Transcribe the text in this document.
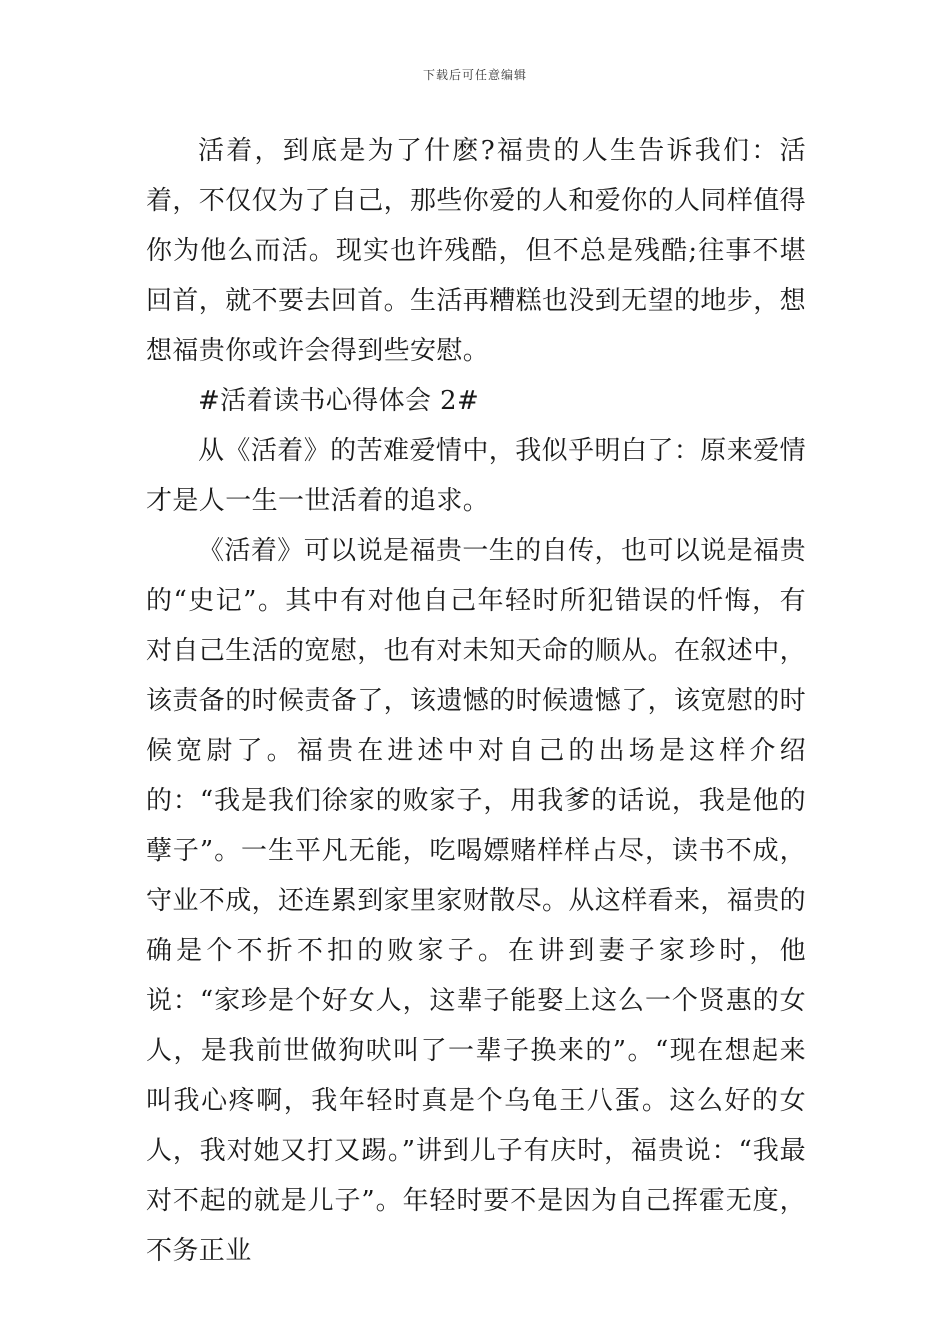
下载后可任意编辑

活着，到底是为了什麽?福贵的人生告诉我们：活着，不仅仅为了自己，那些你爱的人和爱你的人同样值得你为他么而活。现实也许残酷，但不总是残酷;往事不堪回首，就不要去回首。生活再糟糕也没到无望的地步，想想福贵你或许会得到些安慰。

#活着读书心得体会 2#

从《活着》的苦难爱情中，我似乎明白了：原来爱情才是人一生一世活着的追求。

《活着》可以说是福贵一生的自传，也可以说是福贵的“史记”。其中有对他自己年轻时所犯错误的忏悔，有对自己生活的宽慰，也有对未知天命的顺从。在叙述中，该责备的时候责备了，该遗憾的时候遗憾了，该宽慰的时候宽尉了。福贵在进述中对自己的出场是这样介绍的：“我是我们徐家的败家子，用我爹的话说，我是他的孽子”。一生平凡无能，吃喝嫖赌样样占尽，读书不成，守业不成，还连累到家里家财散尽。从这样看来，福贵的确是个不折不扣的败家子。在讲到妻子家珍时，他说：“家珍是个好女人，这辈子能娶上这么一个贤惠的女人，是我前世做狗吠叫了一辈子换来的”。“现在想起来叫我心疼啊，我年轻时真是个乌龟王八蛋。这么好的女人，我对她又打又踢。”讲到儿子有庆时，福贵说：“我最对不起的就是儿子”。年轻时要不是因为自己挥霍无度，不务正业
